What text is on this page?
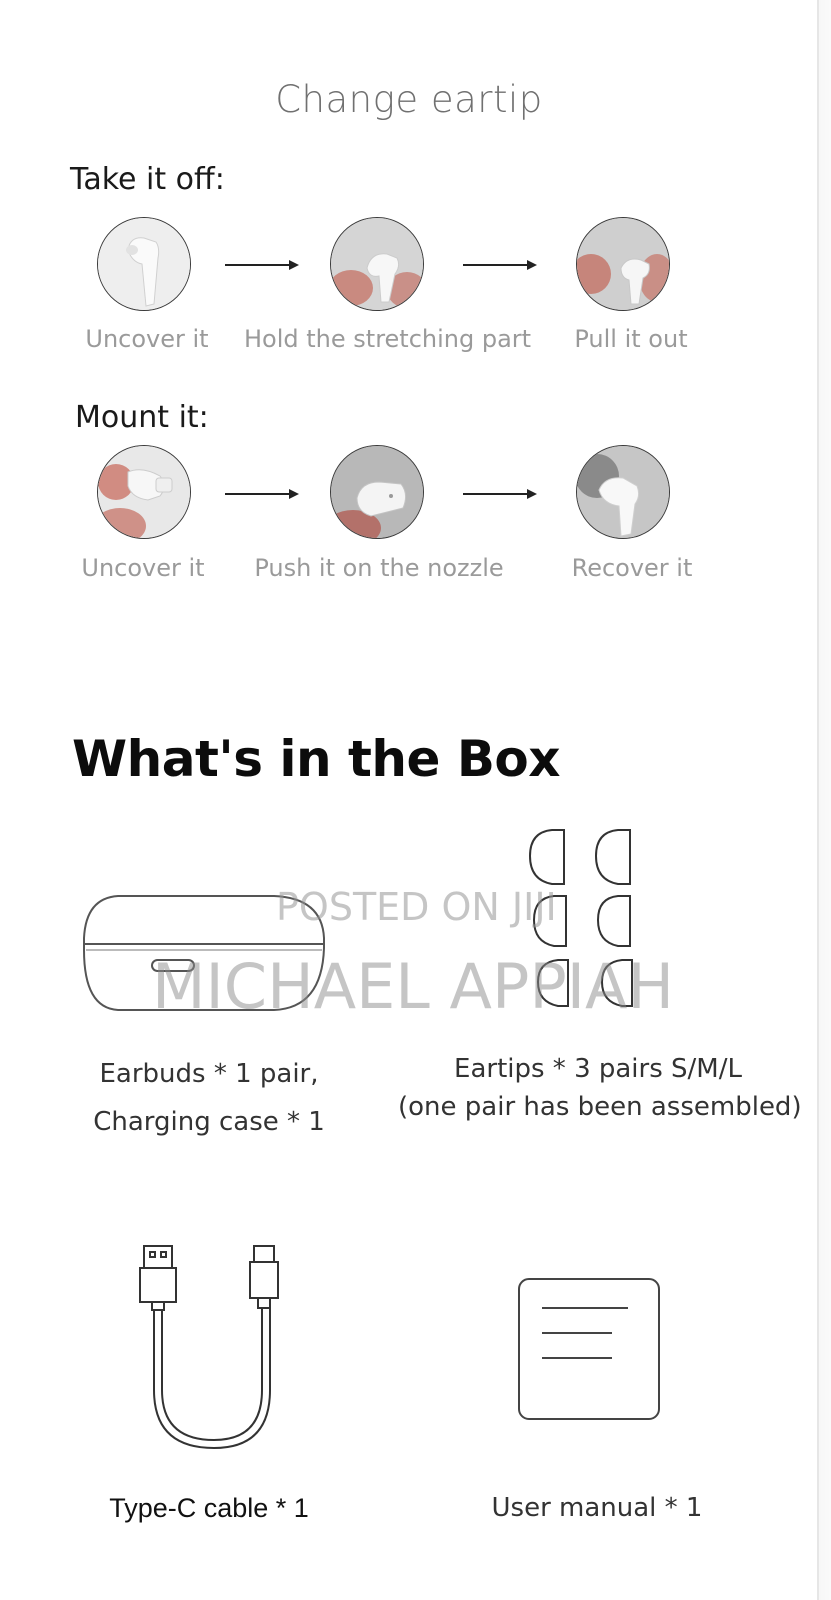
Change eartip
Take it off:
Uncover it Hold the stretching part Pull it out
Mount it:
Uncover it Push it on the nozzle	Recover it
What's in the Box
Earbuds * 1 pair,
Charging case * 1
Eartips * 3 pairs S/M/L
(one pair has been assembled)
Type-C cable * 1	User manual * 1
POSTED ON JIJI
MICHAEL APPIAH
